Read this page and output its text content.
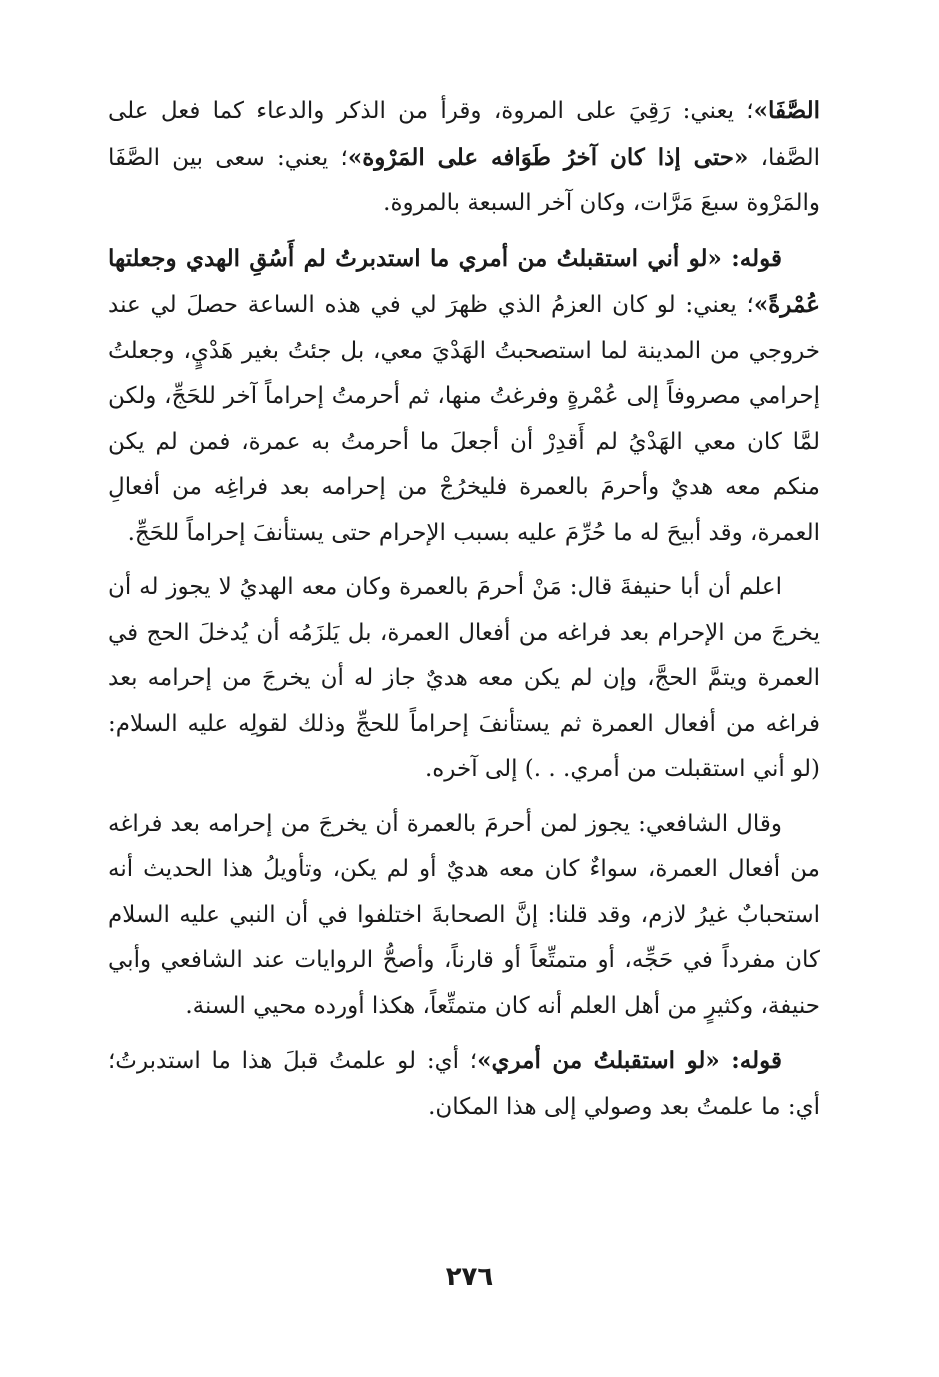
الصَّفَا»؛ يعني: رَقِيَ على المروة، وقرأ من الذكر والدعاء كما فعل على الصَّفا، «حتى إذا كان آخرُ طَوَافه على المَرْوة»؛ يعني: سعى بين الصَّفَا والمَرْوة سبعَ مَرَّات، وكان آخر السبعة بالمروة.

قوله: «لو أني استقبلتُ من أمري ما استدبرتُ لم أَسُقِ الهدي وجعلتها عُمْرةً»؛ يعني: لو كان العزمُ الذي ظهرَ لي في هذه الساعة حصلَ لي عند خروجي من المدينة لما استصحبتُ الهَدْيَ معي، بل جئتُ بغير هَدْيٍ، وجعلتُ إحرامي مصروفاً إلى عُمْرةٍ وفرغتُ منها، ثم أحرمتُ إحراماً آخر للحَجِّ، ولكن لمَّا كان معي الهَدْيُ لم أَقدِرْ أن أجعلَ ما أحرمتُ به عمرة، فمن لم يكن منكم معه هديٌ وأحرمَ بالعمرة فليخرُجْ من إحرامه بعد فراغِه من أفعالِ العمرة، وقد أبيحَ له ما حُرِّمَ عليه بسبب الإحرام حتى يستأنفَ إحراماً للحَجِّ.

اعلم أن أبا حنيفةَ قال: مَنْ أحرمَ بالعمرة وكان معه الهديُ لا يجوز له أن يخرجَ من الإحرام بعد فراغه من أفعال العمرة، بل يَلزَمُه أن يُدخلَ الحج في العمرة ويتمَّ الحجَّ، وإن لم يكن معه هديٌ جاز له أن يخرجَ من إحرامه بعد فراغه من أفعال العمرة ثم يستأنفَ إحراماً للحجِّ وذلك لقولِه عليه السلام: (لو أني استقبلت من أمري. . .) إلى آخره.

وقال الشافعي: يجوز لمن أحرمَ بالعمرة أن يخرجَ من إحرامه بعد فراغه من أفعال العمرة، سواءٌ كان معه هديٌ أو لم يكن، وتأويلُ هذا الحديث أنه استحبابٌ غيرُ لازم، وقد قلنا: إنَّ الصحابةَ اختلفوا في أن النبي عليه السلام كان مفرداً في حَجِّه، أو متمتِّعاً أو قارناً، وأصحُّ الروايات عند الشافعي وأبي حنيفة، وكثيرٍ من أهل العلم أنه كان متمتِّعاً، هكذا أورده محيي السنة.

قوله: «لو استقبلتُ من أمري»؛ أي: لو علمتُ قبلَ هذا ما استدبرتُ؛ أي: ما علمتُ بعد وصولي إلى هذا المكان.

٢٧٦
